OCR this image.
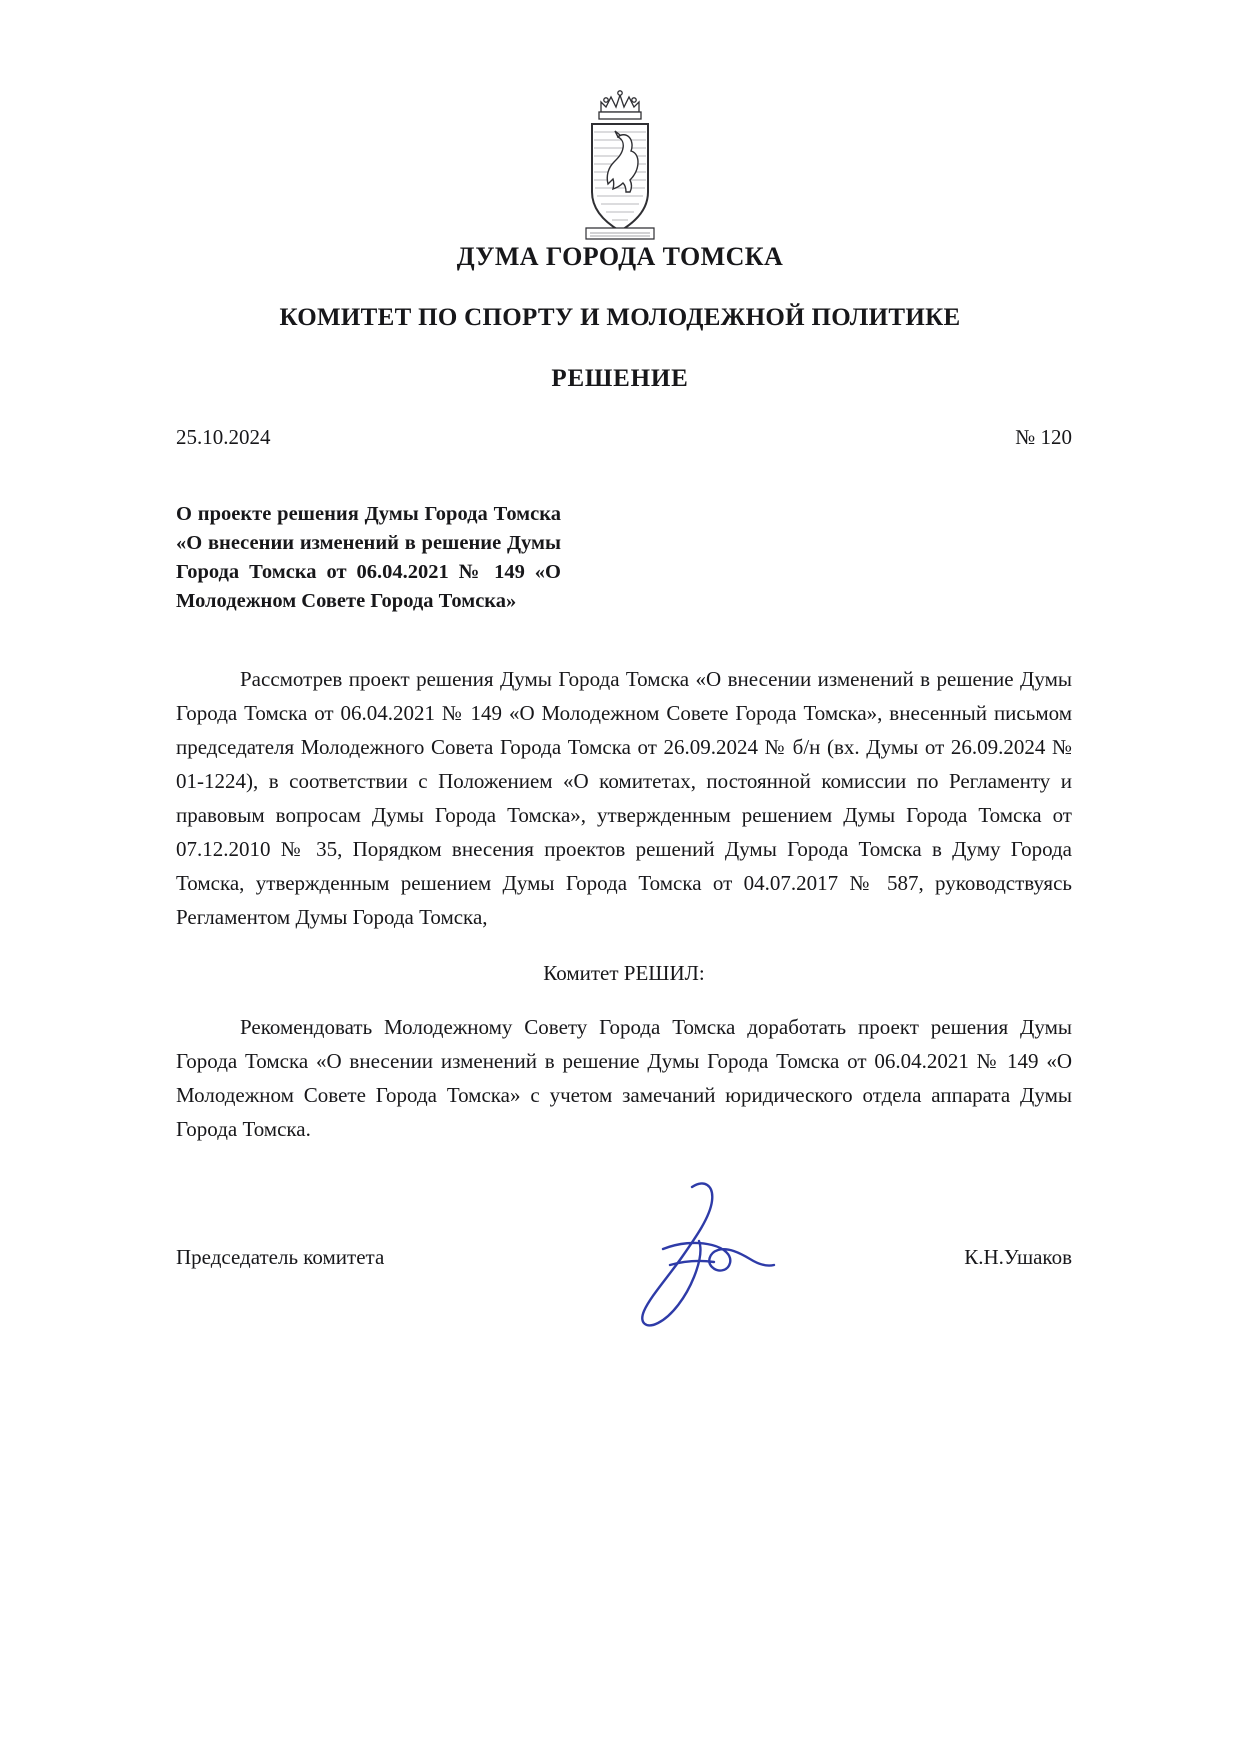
ДУМА ГОРОДА ТОМСКА
КОМИТЕТ ПО СПОРТУ И МОЛОДЕЖНОЙ ПОЛИТИКЕ
РЕШЕНИЕ
25.10.2024	№ 120
О проекте решения Думы Города Томска «О внесении изменений в решение Думы Города Томска от 06.04.2021 № 149 «О Молодежном Совете Города Томска»

Рассмотрев проект решения Думы Города Томска «О внесении изменений в решение Думы Города Томска от 06.04.2021 № 149 «О Молодежном Совете Города Томска», внесенный письмом председателя Молодежного Совета Города Томска от 26.09.2024 № б/н (вх. Думы от 26.09.2024 № 01-1224), в соответствии с Положением «О комитетах, постоянной комиссии по Регламенту и правовым вопросам Думы Города Томска», утвержденным решением Думы Города Томска от 07.12.2010 № 35, Порядком внесения проектов решений Думы Города Томска в Думу Города Томска, утвержденным решением Думы Города Томска от 04.07.2017 № 587, руководствуясь Регламентом Думы Города Томска,

Комитет РЕШИЛ:

Рекомендовать Молодежному Совету Города Томска доработать проект решения Думы Города Томска «О внесении изменений в решение Думы Города Томска от 06.04.2021 № 149 «О Молодежном Совете Города Томска» с учетом замечаний юридического отдела аппарата Думы Города Томска.

Председатель комитета	К.Н.Ушаков
